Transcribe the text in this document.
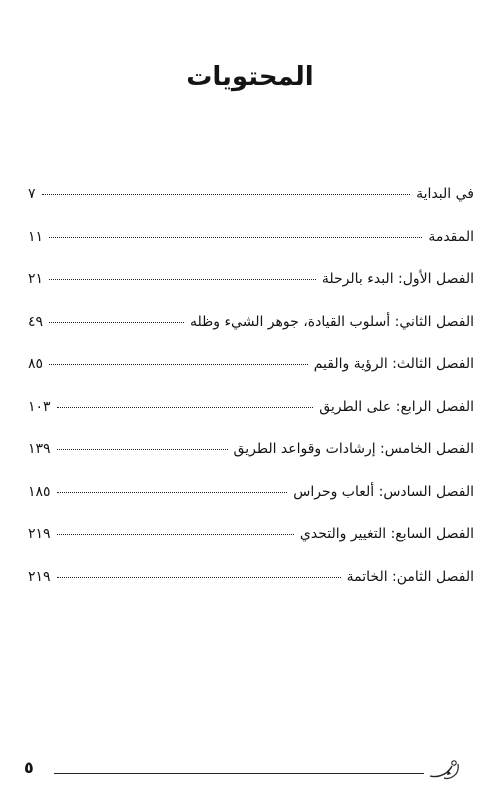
المحتويات
في البداية
٧
المقدمة
١١
الفصل الأول: البدء بالرحلة
٢١
الفصل الثاني: أسلوب القيادة، جوهر الشيء وظله
٤٩
الفصل الثالث: الرؤية والقيم
٨٥
الفصل الرابع: على الطريق
١٠٣
الفصل الخامس: إرشادات وقواعد الطريق
١٣٩
الفصل السادس: ألعاب وحراس
١٨٥
الفصل السابع: التغيير والتحدي
٢١٩
الفصل الثامن: الخاتمة
٢١٩
٥
